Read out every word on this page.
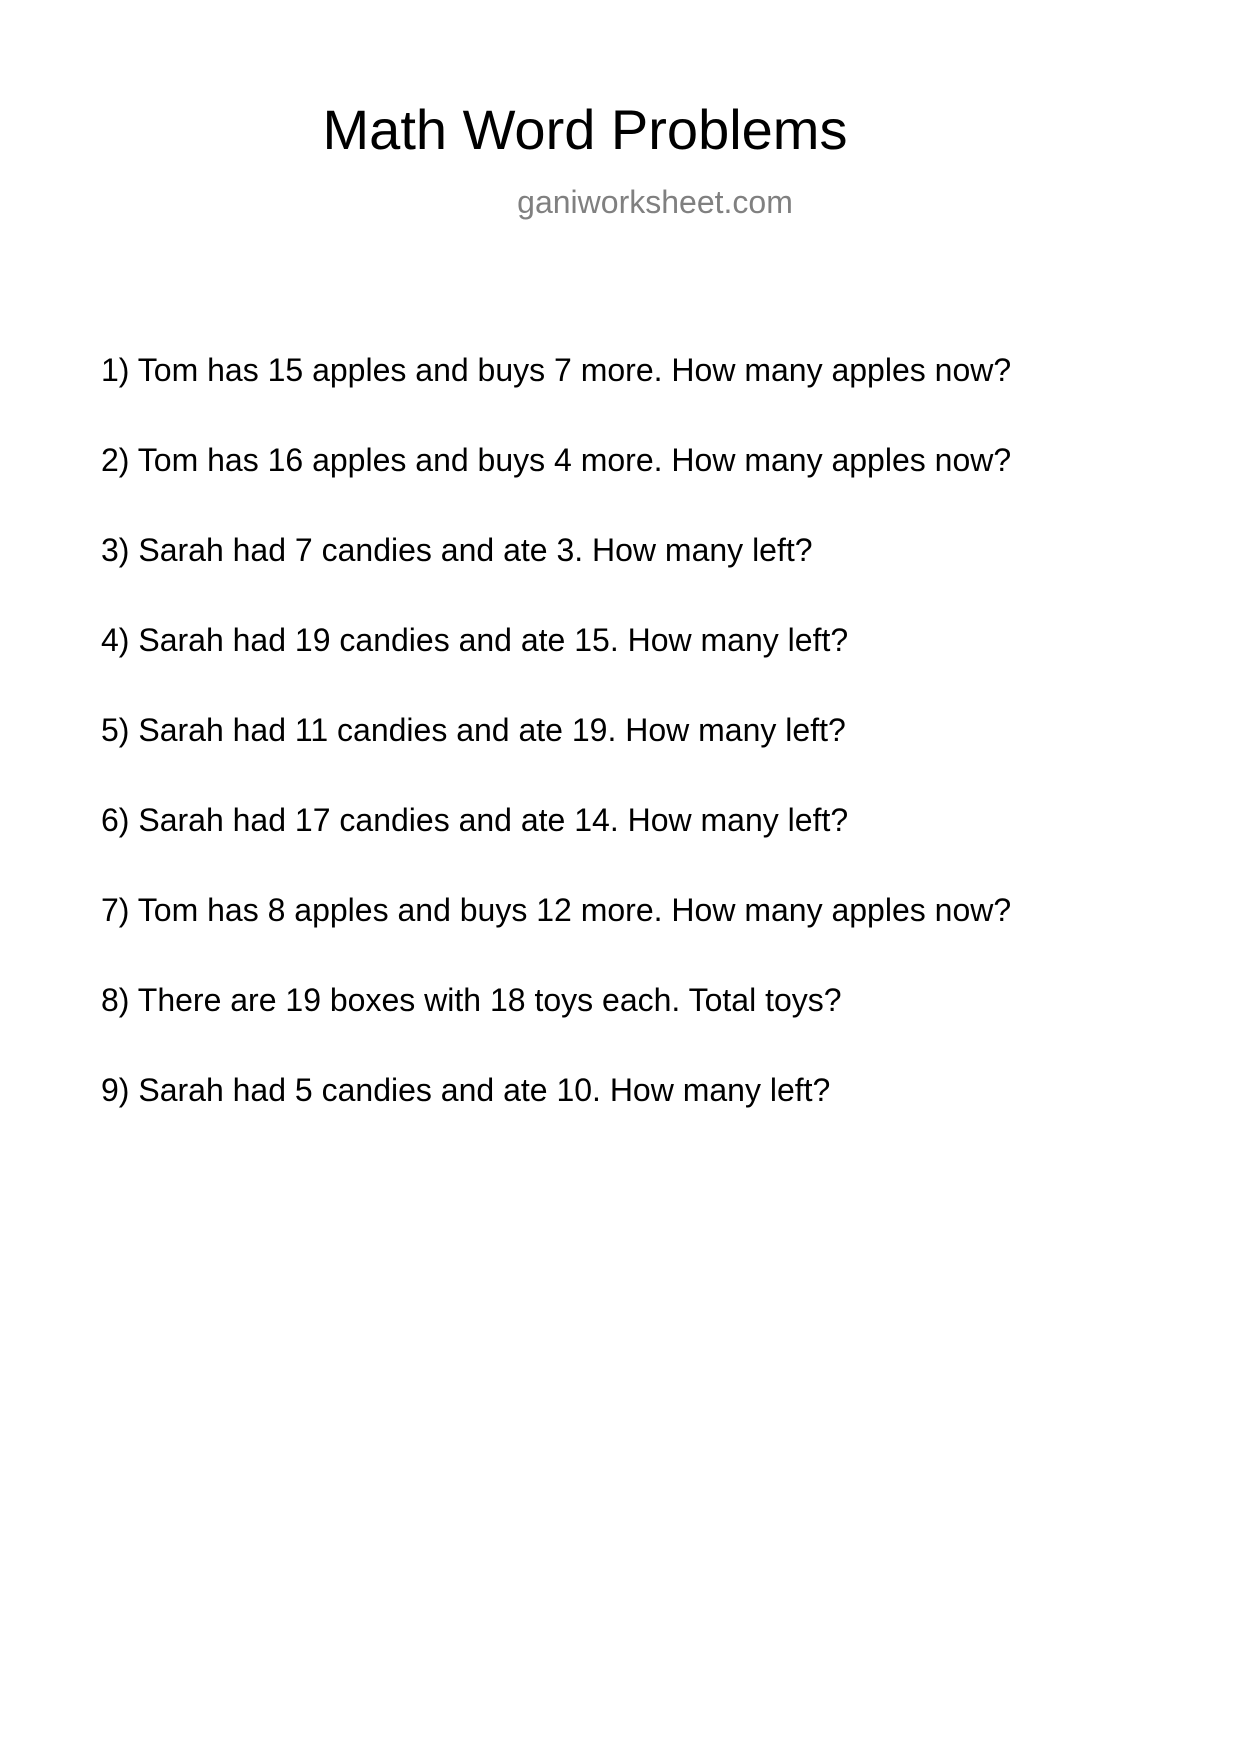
Math Word Problems
ganiworksheet.com
1) Tom has 15 apples and buys 7 more. How many apples now?
2) Tom has 16 apples and buys 4 more. How many apples now?
3) Sarah had 7 candies and ate 3. How many left?
4) Sarah had 19 candies and ate 15. How many left?
5) Sarah had 11 candies and ate 19. How many left?
6) Sarah had 17 candies and ate 14. How many left?
7) Tom has 8 apples and buys 12 more. How many apples now?
8) There are 19 boxes with 18 toys each. Total toys?
9) Sarah had 5 candies and ate 10. How many left?
